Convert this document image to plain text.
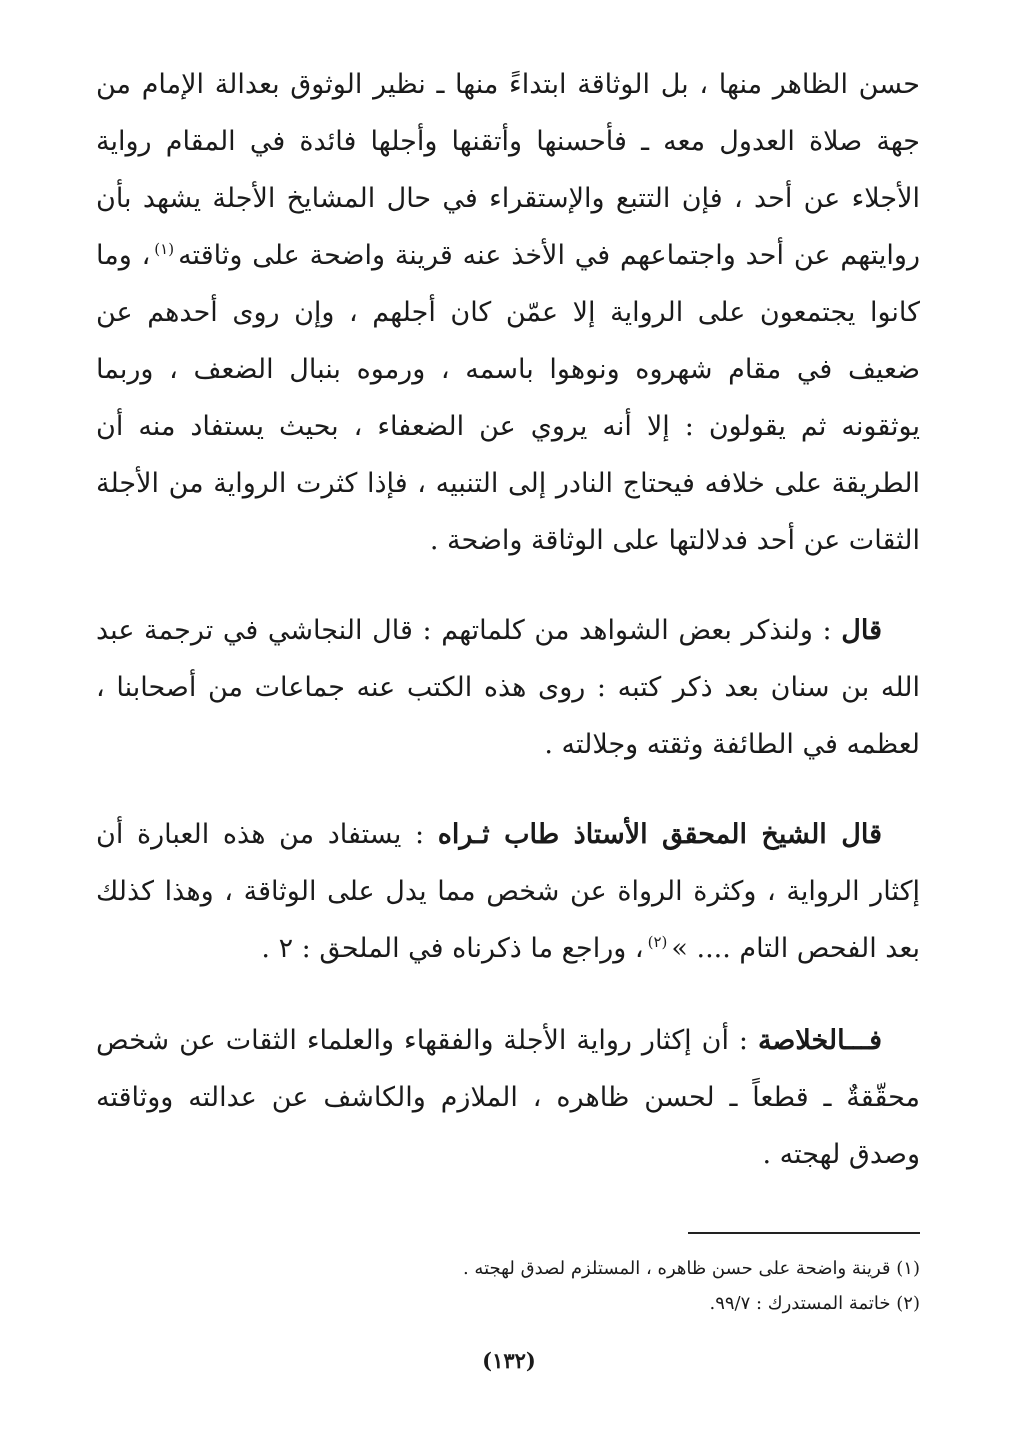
حسن الظاهر منها ، بل الوثاقة ابتداءً منها ـ نظير الوثوق بعدالة الإمام من جهة صلاة العدول معه ـ فأحسنها وأتقنها وأجلها فائدة في المقام رواية الأجلاء عن أحد ، فإن التتبع والإستقراء في حال المشايخ الأجلة يشهد بأن روايتهم عن أحد واجتماعهم في الأخذ عنه قرينة واضحة على وثاقته$^{(١)}$، وما كانوا يجتمعون على الرواية إلا عمّن كان أجلهم ، وإن روى أحدهم عن ضعيف في مقام شهروه ونوهوا باسمه ، ورموه بنبال الضعف ، وربما يوثقونه ثم يقولون : إلا أنه يروي عن الضعفاء ، بحيث يستفاد منه أن الطريقة على خلافه فيحتاج النادر إلى التنبيه ، فإذا كثرت الرواية من الأجلة الثقات عن أحد فدلالتها على الوثاقة واضحة .

قال : ولنذكر بعض الشواهد من كلماتهم : قال النجاشي في ترجمة عبد الله بن سنان بعد ذكر كتبه : روى هذه الكتب عنه جماعات من أصحابنا ، لعظمه في الطائفة وثقته وجلالته .

قال الشيخ المحقق الأستاذ طاب ثـراه : يستفاد من هذه العبارة أن إكثار الرواية ، وكثرة الرواة عن شخص مما يدل على الوثاقة ، وهذا كذلك بعد الفحص التام .... »$^{(٢)}$، وراجع ما ذكرناه في الملحق : ٢ .

فـــالخلاصة : أن إكثار رواية الأجلة والفقهاء والعلماء الثقات عن شخص محقّقةٌ ـ قطعاً ـ لحسن ظاهره ، الملازم والكاشف عن عدالته ووثاقته وصدق لهجته .

(١) قرينة واضحة على حسن ظاهره ، المستلزم لصدق لهجته .

(٢) خاتمة المستدرك : ٩٩/٧.

(١٣٢)
